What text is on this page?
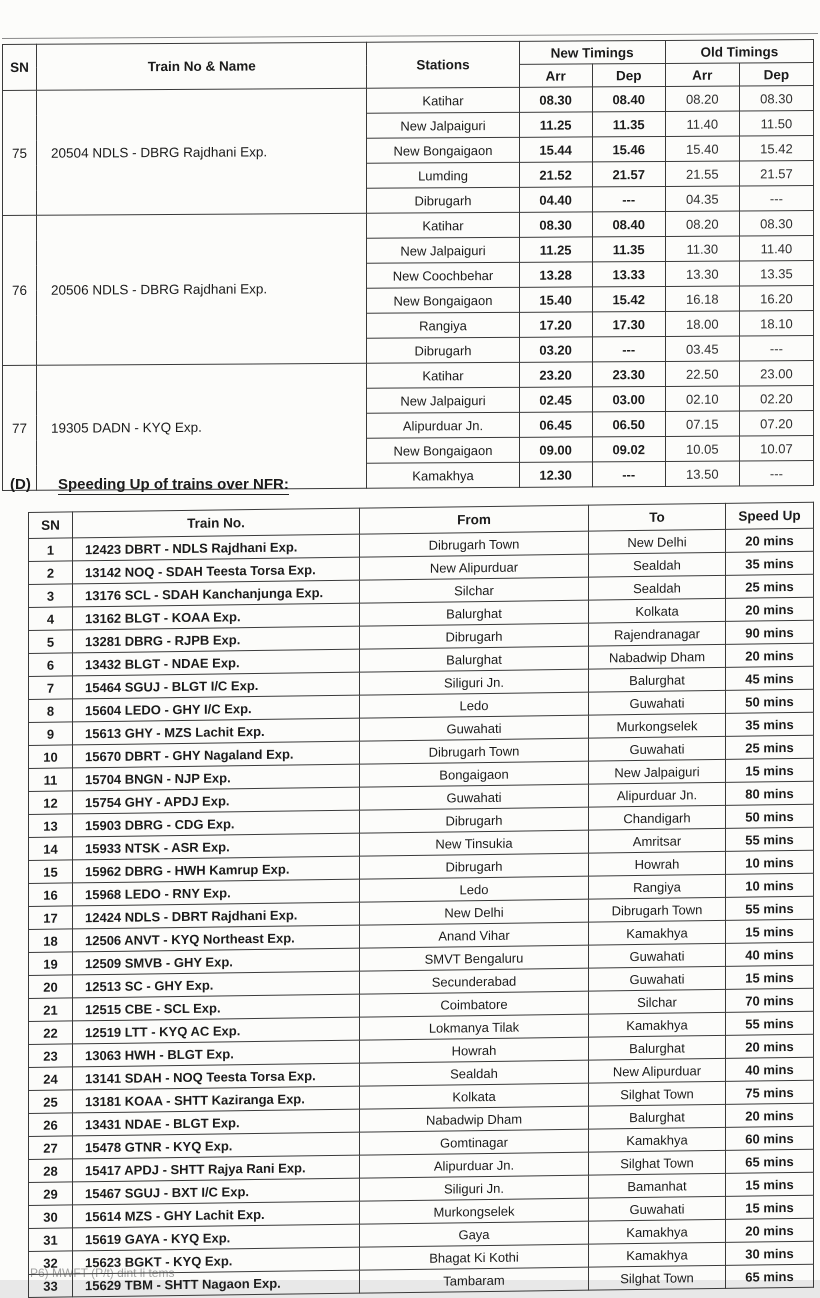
SN	Train No & Name	Stations	New Timings		Old Timings	
			Arr	Dep	Arr	Dep
75	20504 NDLS - DBRG Rajdhani Exp.	Katihar	08.30	08.40	08.20	08.30
		New Jalpaiguri	11.25	11.35	11.40	11.50
		New Bongaigaon	15.44	15.46	15.40	15.42
		Lumding	21.52	21.57	21.55	21.57
		Dibrugarh	04.40	---	04.35	---
76	20506 NDLS - DBRG Rajdhani Exp.	Katihar	08.30	08.40	08.20	08.30
		New Jalpaiguri	11.25	11.35	11.30	11.40
		New Coochbehar	13.28	13.33	13.30	13.35
		New Bongaigaon	15.40	15.42	16.18	16.20
		Rangiya	17.20	17.30	18.00	18.10
		Dibrugarh	03.20	---	03.45	---
77	19305 DADN - KYQ Exp.	Katihar	23.20	23.30	22.50	23.00
		New Jalpaiguri	02.45	03.00	02.10	02.20
		Alipurduar Jn.	06.45	06.50	07.15	07.20
		New Bongaigaon	09.00	09.02	10.05	10.07
		Kamakhya	12.30	---	13.50	---
(D) Speeding Up of trains over NFR:
SN	Train No.	From	To	Speed Up
1	12423 DBRT - NDLS Rajdhani Exp.	Dibrugarh Town	New Delhi	20 mins
2	13142 NOQ - SDAH Teesta Torsa Exp.	New Alipurduar	Sealdah	35 mins
3	13176 SCL - SDAH Kanchanjunga Exp.	Silchar	Sealdah	25 mins
4	13162 BLGT - KOAA Exp.	Balurghat	Kolkata	20 mins
5	13281 DBRG - RJPB Exp.	Dibrugarh	Rajendranagar	90 mins
6	13432 BLGT - NDAE Exp.	Balurghat	Nabadwip Dham	20 mins
7	15464 SGUJ - BLGT I/C Exp.	Siliguri Jn.	Balurghat	45 mins
8	15604 LEDO - GHY I/C Exp.	Ledo	Guwahati	50 mins
9	15613 GHY - MZS Lachit Exp.	Guwahati	Murkongselek	35 mins
10	15670 DBRT - GHY Nagaland Exp.	Dibrugarh Town	Guwahati	25 mins
11	15704 BNGN - NJP Exp.	Bongaigaon	New Jalpaiguri	15 mins
12	15754 GHY - APDJ Exp.	Guwahati	Alipurduar Jn.	80 mins
13	15903 DBRG - CDG Exp.	Dibrugarh	Chandigarh	50 mins
14	15933 NTSK - ASR Exp.	New Tinsukia	Amritsar	55 mins
15	15962 DBRG - HWH Kamrup Exp.	Dibrugarh	Howrah	10 mins
16	15968 LEDO - RNY Exp.	Ledo	Rangiya	10 mins
17	12424 NDLS - DBRT Rajdhani Exp.	New Delhi	Dibrugarh Town	55 mins
18	12506 ANVT - KYQ Northeast Exp.	Anand Vihar	Kamakhya	15 mins
19	12509 SMVB - GHY Exp.	SMVT Bengaluru	Guwahati	40 mins
20	12513 SC - GHY Exp.	Secunderabad	Guwahati	15 mins
21	12515 CBE - SCL Exp.	Coimbatore	Silchar	70 mins
22	12519 LTT - KYQ AC Exp.	Lokmanya Tilak	Kamakhya	55 mins
23	13063 HWH - BLGT Exp.	Howrah	Balurghat	20 mins
24	13141 SDAH - NOQ Teesta Torsa Exp.	Sealdah	New Alipurduar	40 mins
25	13181 KOAA - SHTT Kaziranga Exp.	Kolkata	Silghat Town	75 mins
26	13431 NDAE - BLGT Exp.	Nabadwip Dham	Balurghat	20 mins
27	15478 GTNR - KYQ Exp.	Gomtinagar	Kamakhya	60 mins
28	15417 APDJ - SHTT Rajya Rani Exp.	Alipurduar Jn.	Silghat Town	65 mins
29	15467 SGUJ - BXT I/C Exp.	Siliguri Jn.	Bamanhat	15 mins
30	15614 MZS - GHY Lachit Exp.	Murkongselek	Guwahati	15 mins
31	15619 GAYA - KYQ Exp.	Gaya	Kamakhya	20 mins
32	15623 BGKT - KYQ Exp.	Bhagat Ki Kothi	Kamakhya	30 mins
33	15629 TBM - SHTT Nagaon Exp.	Tambaram	Silghat Town	65 mins
P6) MWFT (P/t) dint li tems
